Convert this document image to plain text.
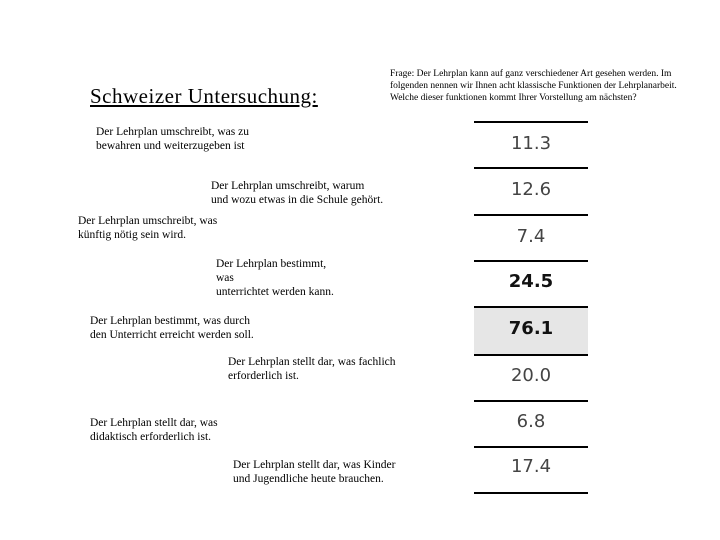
Schweizer Untersuchung:
Frage: Der Lehrplan kann auf ganz verschiedener Art gesehen werden. Im folgenden nennen wir Ihnen acht klassische Funktionen der Lehrplanarbeit. Welche dieser funktionen kommt Ihrer Vorstellung am nächsten?
Der Lehrplan umschreibt, was zu
bewahren und weiterzugeben ist
Der Lehrplan umschreibt, warum
und wozu etwas in die Schule gehört.
Der Lehrplan umschreibt, was
künftig nötig sein wird.
Der Lehrplan bestimmt,
was
unterrichtet werden kann.
Der Lehrplan bestimmt, was durch
den Unterricht erreicht werden soll.
Der Lehrplan stellt dar, was fachlich
erforderlich ist.
Der Lehrplan stellt dar, was
didaktisch erforderlich ist.
Der Lehrplan stellt dar, was Kinder
und Jugendliche heute brauchen.
11.3
12.6
7.4
24.5
76.1
20.0
6.8
17.4
